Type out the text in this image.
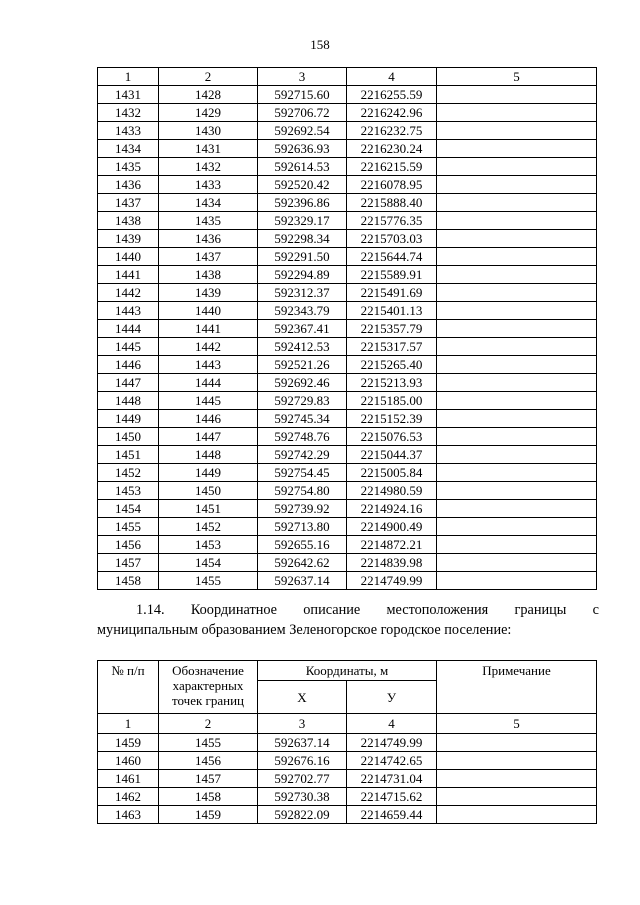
158
1	2	3	4	5
1431	1428	592715.60	2216255.59	
1432	1429	592706.72	2216242.96	
1433	1430	592692.54	2216232.75	
1434	1431	592636.93	2216230.24	
1435	1432	592614.53	2216215.59	
1436	1433	592520.42	2216078.95	
1437	1434	592396.86	2215888.40	
1438	1435	592329.17	2215776.35	
1439	1436	592298.34	2215703.03	
1440	1437	592291.50	2215644.74	
1441	1438	592294.89	2215589.91	
1442	1439	592312.37	2215491.69	
1443	1440	592343.79	2215401.13	
1444	1441	592367.41	2215357.79	
1445	1442	592412.53	2215317.57	
1446	1443	592521.26	2215265.40	
1447	1444	592692.46	2215213.93	
1448	1445	592729.83	2215185.00	
1449	1446	592745.34	2215152.39	
1450	1447	592748.76	2215076.53	
1451	1448	592742.29	2215044.37	
1452	1449	592754.45	2215005.84	
1453	1450	592754.80	2214980.59	
1454	1451	592739.92	2214924.16	
1455	1452	592713.80	2214900.49	
1456	1453	592655.16	2214872.21	
1457	1454	592642.62	2214839.98	
1458	1455	592637.14	2214749.99	
1.14. Координатное описание местоположения границы с
муниципальным образованием Зеленогорское городское поселение:
№ п/п	Обозначение характерных точек границ	Координаты, м		Примечание
		Х	У	
1	2	3	4	5
1459	1455	592637.14	2214749.99	
1460	1456	592676.16	2214742.65	
1461	1457	592702.77	2214731.04	
1462	1458	592730.38	2214715.62	
1463	1459	592822.09	2214659.44	
